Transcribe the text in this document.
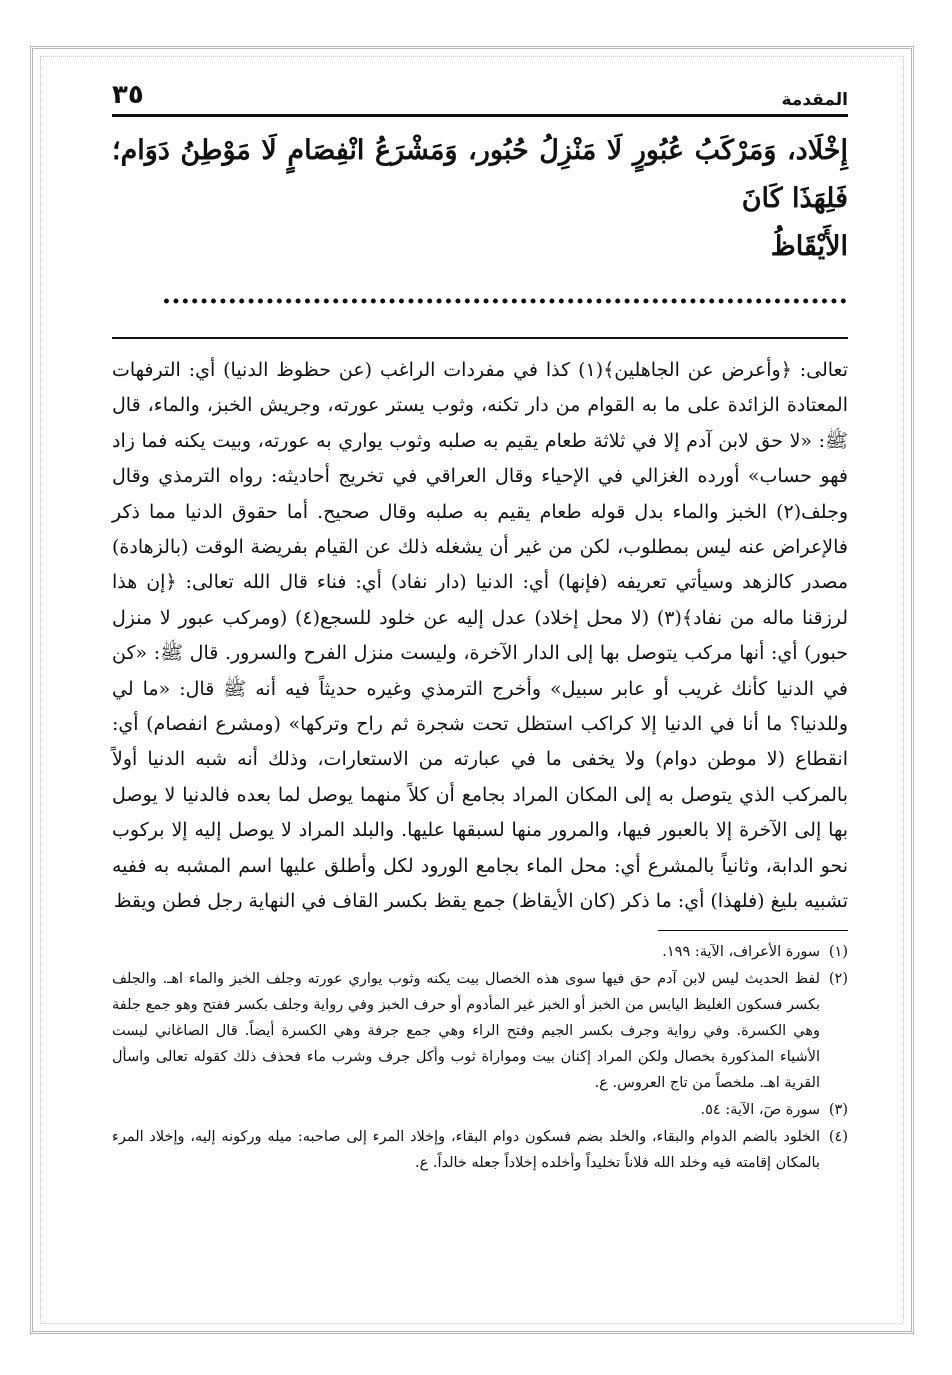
المقدمة
٣٥
إِخْلَاد، وَمَرْكَبُ عُبُورٍ لَا مَنْزِلُ حُبُور، وَمَشْرَعُ انْفِصَامٍ لَا مَوْطِنُ دَوَام؛ فَلِهَذَا كَانَ
الأَيْقَاظُ .........................................................................

تعالى: ﴿وأعرض عن الجاهلين﴾(١) كذا في مفردات الراغب (عن حظوظ الدنيا) أي: الترفهات المعتادة الزائدة على ما به القوام من دار تكنه، وثوب يستر عورته، وجريش الخبز، والماء، قال ﷺ: «لا حق لابن آدم إلا في ثلاثة طعام يقيم به صلبه وثوب يواري به عورته، وبيت يكنه فما زاد فهو حساب» أورده الغزالي في الإحياء وقال العراقي في تخريج أحاديثه: رواه الترمذي وقال وجلف(٢) الخبز والماء بدل قوله طعام يقيم به صلبه وقال صحيح. أما حقوق الدنيا مما ذكر فالإعراض عنه ليس بمطلوب، لكن من غير أن يشغله ذلك عن القيام بفريضة الوقت (بالزهادة) مصدر كالزهد وسيأتي تعريفه (فإنها) أي: الدنيا (دار نفاد) أي: فناء قال الله تعالى: ﴿إن هذا لرزقنا ماله من نفاد﴾(٣) (لا محل إخلاد) عدل إليه عن خلود للسجع(٤) (ومركب عبور لا منزل حبور) أي: أنها مركب يتوصل بها إلى الدار الآخرة، وليست منزل الفرح والسرور. قال ﷺ: «كن في الدنيا كأنك غريب أو عابر سبيل» وأخرج الترمذي وغيره حديثاً فيه أنه ﷺ قال: «ما لي وللدنيا؟ ما أنا في الدنيا إلا كراكب استظل تحت شجرة ثم راح وتركها» (ومشرع انفصام) أي: انقطاع (لا موطن دوام) ولا يخفى ما في عبارته من الاستعارات، وذلك أنه شبه الدنيا أولاً بالمركب الذي يتوصل به إلى المكان المراد بجامع أن كلاً منهما يوصل لما بعده فالدنيا لا يوصل بها إلى الآخرة إلا بالعبور فيها، والمرور منها لسبقها عليها. والبلد المراد لا يوصل إليه إلا بركوب نحو الدابة، وثانياً بالمشرع أي: محل الماء بجامع الورود لكل وأطلق عليها اسم المشبه به ففيه تشبيه بليغ (فلهذا) أي: ما ذكر (كان الأيقاظ) جمع يقظ بكسر القاف في النهاية رجل فطن ويقظ

(١)
سورة الأعراف، الآية: ١٩٩.
(٢)
لفظ الحديث ليس لابن آدم حق فيها سوى هذه الخصال بيت يكنه وثوب يواري عورته وجلف الخبز والماء اهـ. والجلف بكسر فسكون الغليظ اليابس من الخبز أو الخبز غير المأدوم أو حرف الخبز وفي رواية وجلف بكسر ففتح وهو جمع جلفة وهي الكسرة. وفي رواية وجرف بكسر الجيم وفتح الراء وهي جمع جرفة وهي الكسرة أيضاً. قال الصاغاني ليست الأشياء المذكورة بخصال ولكن المراد إكنان بيت ومواراة ثوب وأكل جرف وشرب ماء فحذف ذلك كقوله تعالى واسأل القرية اهـ. ملخصاً من تاج العروس. ع.
(٣)
سورة صٓ، الآية: ٥٤.
(٤)
الخلود بالضم الدوام والبقاء، والخلد بضم فسكون دوام البقاء، وإخلاد المرء إلى صاحبه: ميله وركونه إليه، وإخلاد المرء بالمكان إقامته فيه وخلد الله فلاناً تخليداً وأخلده إخلاداً جعله خالداً. ع.
